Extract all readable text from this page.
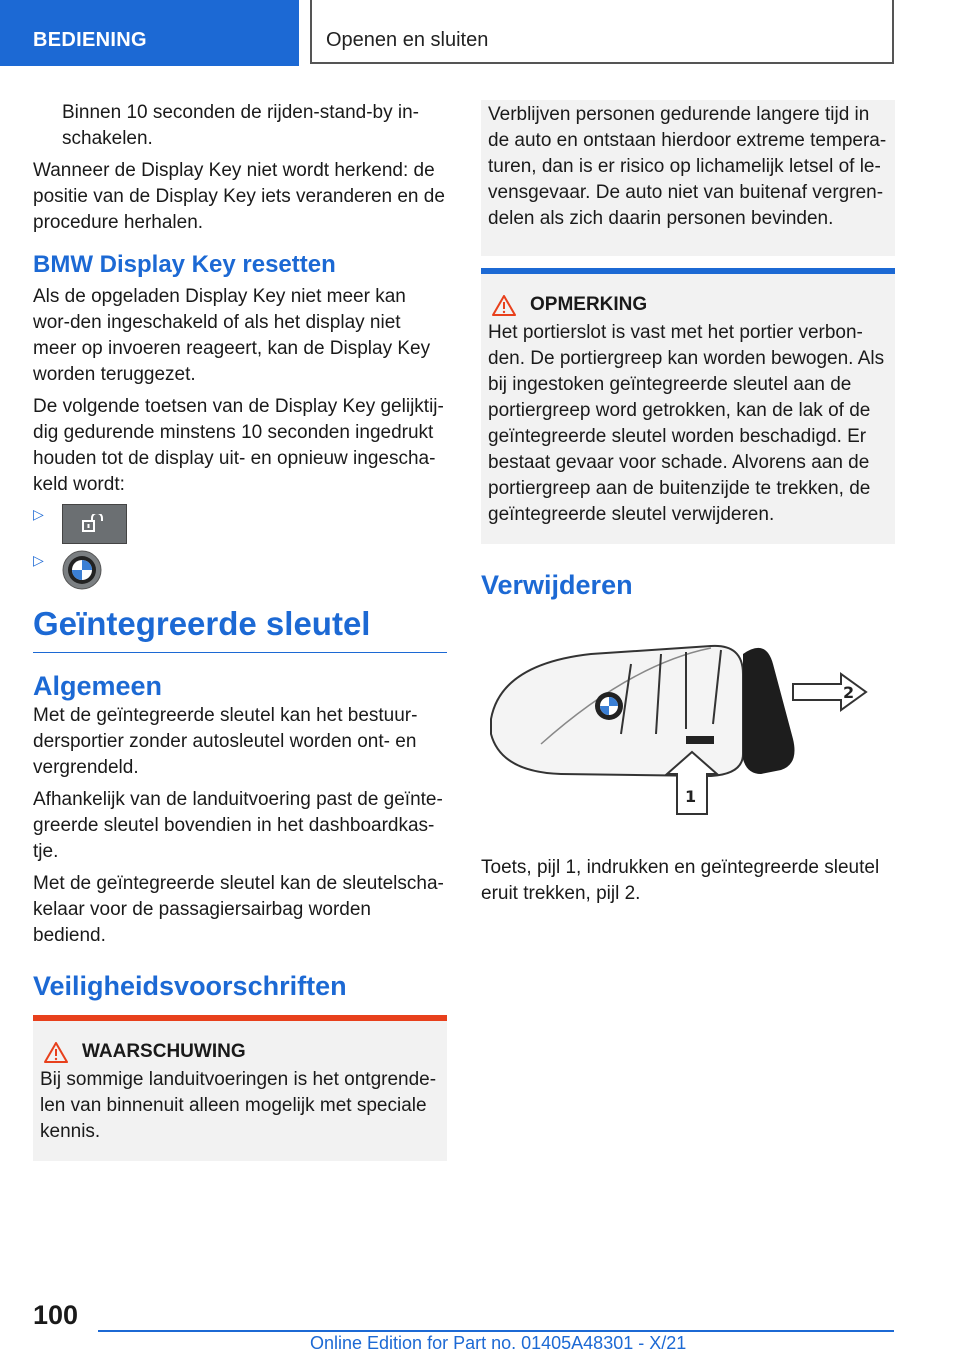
BEDIENING	Openen en sluiten

Binnen 10 seconden de rijden-stand-by in-schakelen.

Wanneer de Display Key niet wordt herkend: de positie van de Display Key iets veranderen en de procedure herhalen.

BMW Display Key resetten

Als de opgeladen Display Key niet meer kan wor-den ingeschakeld of als het display niet meer op invoeren reageert, kan de Display Key worden teruggezet.

De volgende toetsen van de Display Key gelijktij-dig gedurende minstens 10 seconden ingedrukt houden tot de display uit- en opnieuw ingescha-keld wordt:

▷
▷
Geïntegreerde sleutel
Algemeen

Met de geïntegreerde sleutel kan het bestuur-dersportier zonder autosleutel worden ont- en vergrendeld.

Afhankelijk van de landuitvoering past de geïnte-greerde sleutel bovendien in het dashboardkas-tje.

Met de geïntegreerde sleutel kan de sleutelscha-kelaar voor de passagiersairbag worden bediend.

Veiligheidsvoorschriften
WAARSCHUWING

Bij sommige landuitvoeringen is het ontgrende-len van binnenuit alleen mogelijk met speciale kennis.

Verblijven personen gedurende langere tijd in de auto en ontstaan hierdoor extreme tempera-turen, dan is er risico op lichamelijk letsel of le-vensgevaar. De auto niet van buitenaf vergren-delen als zich daarin personen bevinden.

OPMERKING

Het portierslot is vast met het portier verbon-den. De portiergreep kan worden bewogen. Als bij ingestoken geïntegreerde sleutel aan de portiergreep word getrokken, kan de lak of de geïntegreerde sleutel worden beschadigd. Er bestaat gevaar voor schade. Alvorens aan de portiergreep aan de buitenzijde te trekken, de geïntegreerde sleutel verwijderen.

Verwijderen
2
1

Toets, pijl 1, indrukken en geïntegreerde sleutel eruit trekken, pijl 2.

100
Online Edition for Part no. 01405A48301 - X/21
